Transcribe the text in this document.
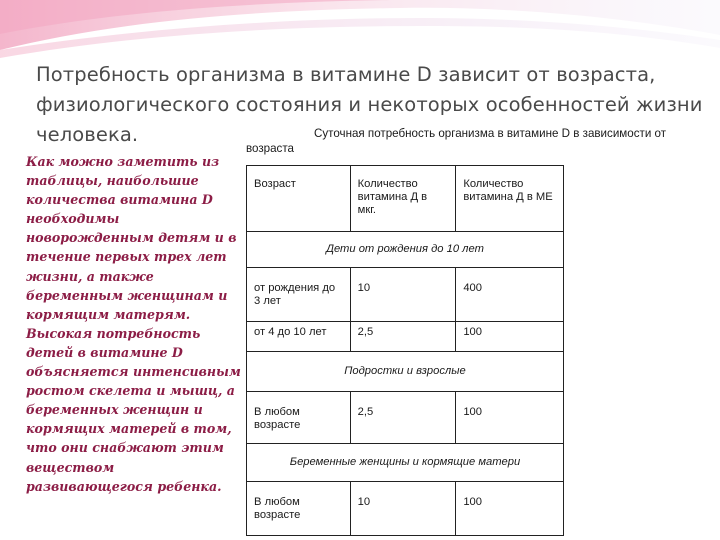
Потребность организма в витамине D зависит от возраста, физиологического состояния и некоторых особенностей жизни человека.
Как можно заметить из таблицы, наибольшие количества витамина D необходимы новорожденным детям и в течение первых трех лет жизни, а также беременным женщинам и кормящим матерям. Высокая потребность детей в витамине D объясняется интенсивным ростом скелета и мышц, а беременных женщин и кормящих матерей в том, что они снабжают этим веществом развивающегося ребенка.
Суточная потребность организма в витамине D в зависимости от
возраста
Возраст	Количество витамина Д в мкг.	Количество витамина Д в МЕ
Дети от рождения до 10 лет		
от рождения до 3 лет	10	400
от 4 до 10 лет	2,5	100
Подростки и взрослые		
В любом возрасте	2,5	100
Беременные женщины и кормящие матери		
В любом возрасте	10	100
